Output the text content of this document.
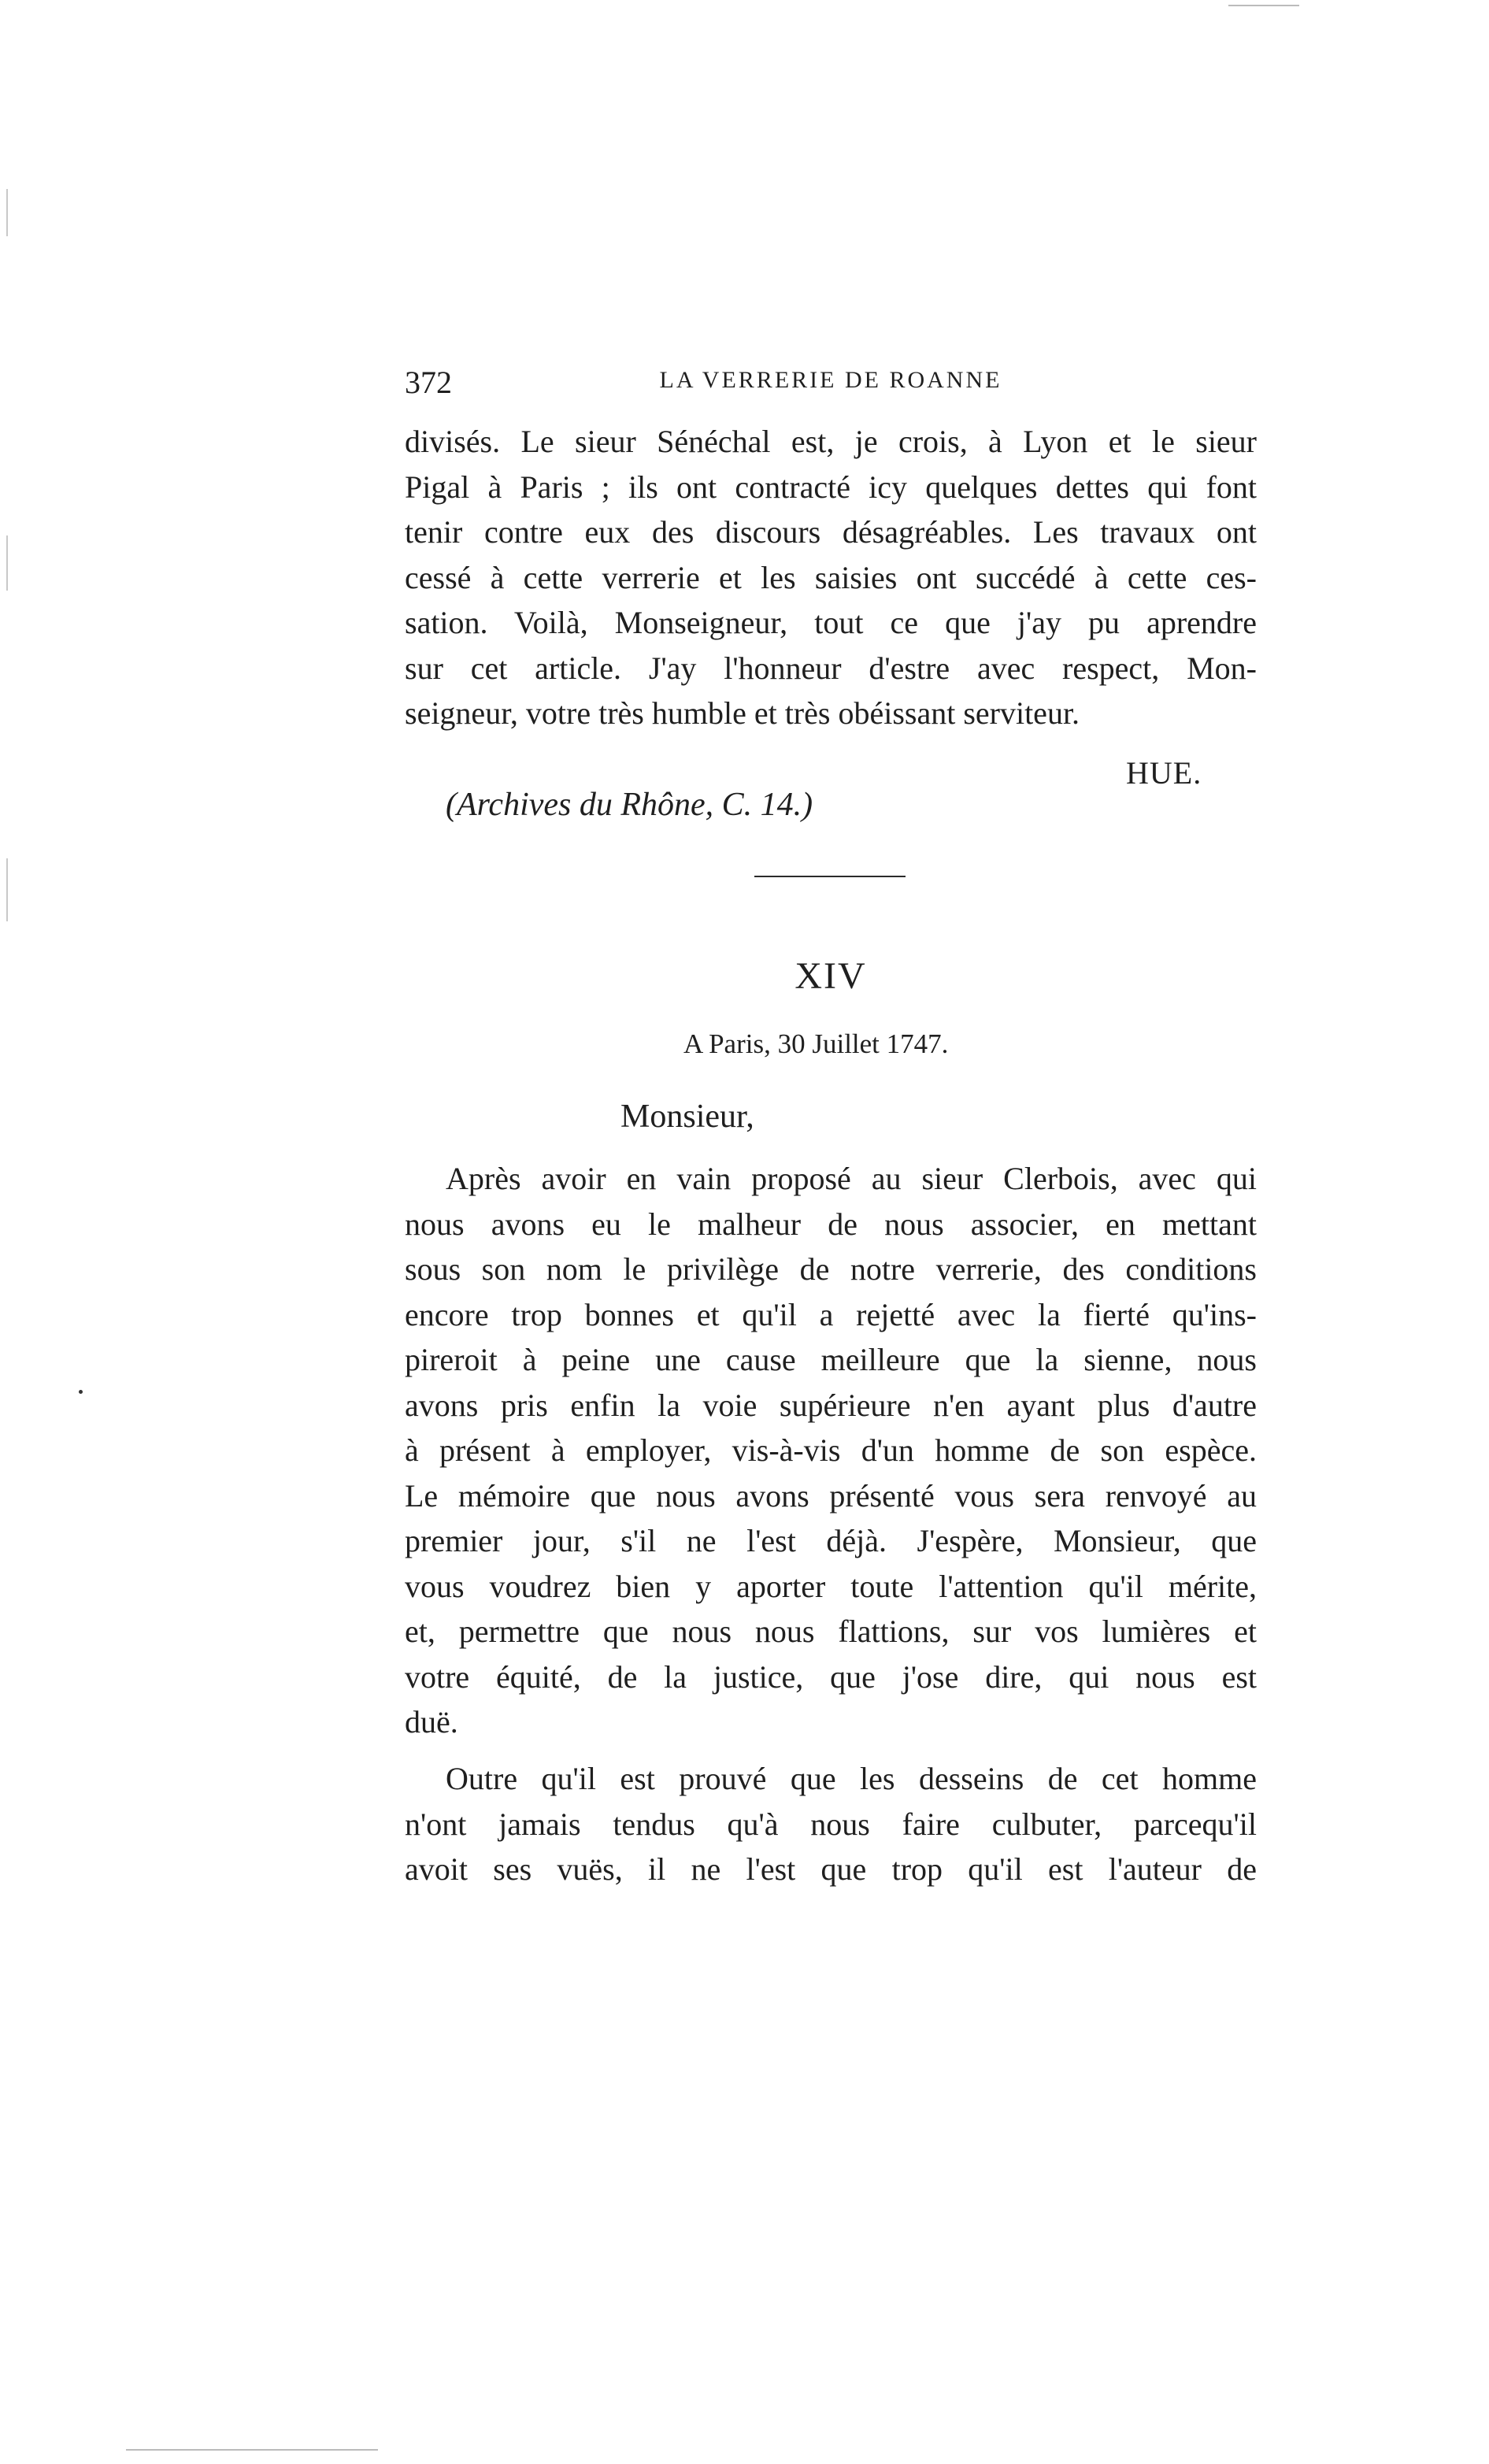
372	LA VERRERIE DE ROANNE
divisés. Le sieur Sénéchal est, je crois, à Lyon et le sieur
Pigal à Paris ; ils ont contracté icy quelques dettes qui font
tenir contre eux des discours désagréables. Les travaux ont
cessé à cette verrerie et les saisies ont succédé à cette ces-
sation. Voilà, Monseigneur, tout ce que j'ay pu aprendre
sur cet article. J'ay l'honneur d'estre avec respect, Mon-
seigneur, votre très humble et très obéissant serviteur.
HUE.
(Archives du Rhône, C. 14.)
XIV
A Paris, 30 Juillet 1747.
Monsieur,
Après avoir en vain proposé au sieur Clerbois, avec qui
nous avons eu le malheur de nous associer, en mettant
sous son nom le privilège de notre verrerie, des conditions
encore trop bonnes et qu'il a rejetté avec la fierté qu'ins-
pireroit à peine une cause meilleure que la sienne, nous
avons pris enfin la voie supérieure n'en ayant plus d'autre
à présent à employer, vis-à-vis d'un homme de son espèce.
Le mémoire que nous avons présenté vous sera renvoyé au
premier jour, s'il ne l'est déjà. J'espère, Monsieur, que
vous voudrez bien y aporter toute l'attention qu'il mérite,
et, permettre que nous nous flattions, sur vos lumières et
votre équité, de la justice, que j'ose dire, qui nous est
duë.
Outre qu'il est prouvé que les desseins de cet homme
n'ont jamais tendus qu'à nous faire culbuter, parcequ'il
avoit ses vuës, il ne l'est que trop qu'il est l'auteur de
